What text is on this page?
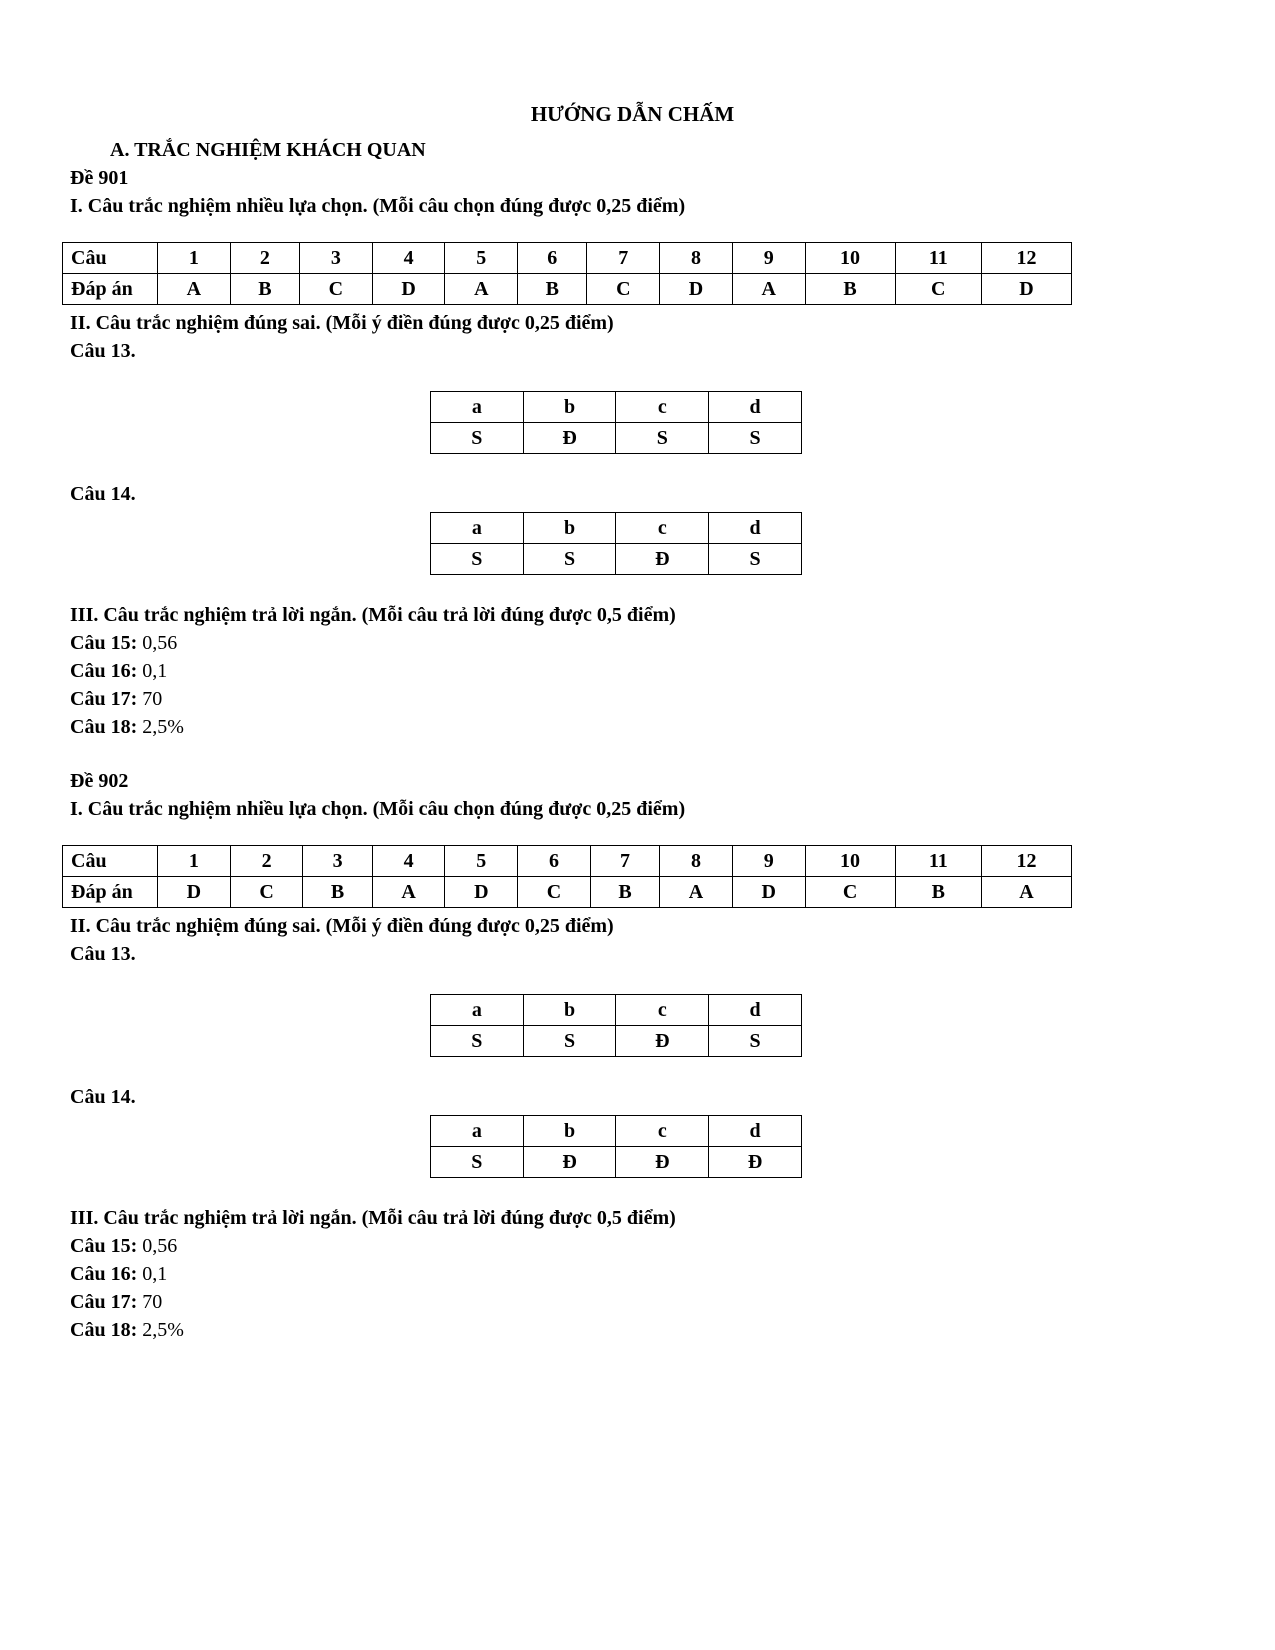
HƯỚNG DẪN CHẤM

A. TRẮC NGHIỆM KHÁCH QUAN

Đề 901

I. Câu trắc nghiệm nhiều lựa chọn. (Mỗi câu chọn đúng được 0,25 điểm)

Câu	1	2	3	4	5	6	7	8	9	10	11	12
Đáp án	A	B	C	D	A	B	C	D	A	B	C	D

II. Câu trắc nghiệm đúng sai. (Mỗi ý điền đúng được 0,25 điểm)

Câu 13.

a	b	c	d
S	Đ	S	S

Câu 14.

a	b	c	d
S	S	Đ	S

III. Câu trắc nghiệm trả lời ngắn. (Mỗi câu trả lời đúng được 0,5 điểm)

Câu 15: 0,56

Câu 16: 0,1

Câu 17: 70

Câu 18: 2,5%

Đề 902

I. Câu trắc nghiệm nhiều lựa chọn. (Mỗi câu chọn đúng được 0,25 điểm)

Câu	1	2	3	4	5	6	7	8	9	10	11	12
Đáp án	D	C	B	A	D	C	B	A	D	C	B	A

II. Câu trắc nghiệm đúng sai. (Mỗi ý điền đúng được 0,25 điểm)

Câu 13.

a	b	c	d
S	S	Đ	S

Câu 14.

a	b	c	d
S	Đ	Đ	Đ

III. Câu trắc nghiệm trả lời ngắn. (Mỗi câu trả lời đúng được 0,5 điểm)

Câu 15: 0,56

Câu 16: 0,1

Câu 17: 70

Câu 18: 2,5%
